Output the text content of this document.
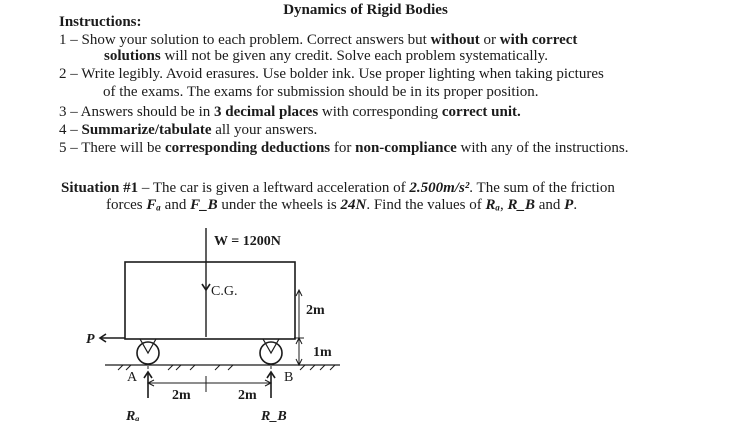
Dynamics of Rigid Bodies
Instructions:
1 – Show your solution to each problem. Correct answers but without or with correct
solutions will not be given any credit. Solve each problem systematically.
2 – Write legibly. Avoid erasures. Use bolder ink. Use proper lighting when taking pictures
of the exams. The exams for submission should be in its proper position.
3 – Answers should be in 3 decimal places with corresponding correct unit.
4 – Summarize/tabulate all your answers.
5 – There will be corresponding deductions for non-compliance with any of the instructions.
Situation #1 – The car is given a leftward acceleration of 2.500m/s². The sum of the friction
forces Fₐ and F_B under the wheels is 24N. Find the values of Rₐ, R_B and P.
W = 1200N
C.G.
2m
1m
P
A	B
2m	2m
Rₐ	R_B
